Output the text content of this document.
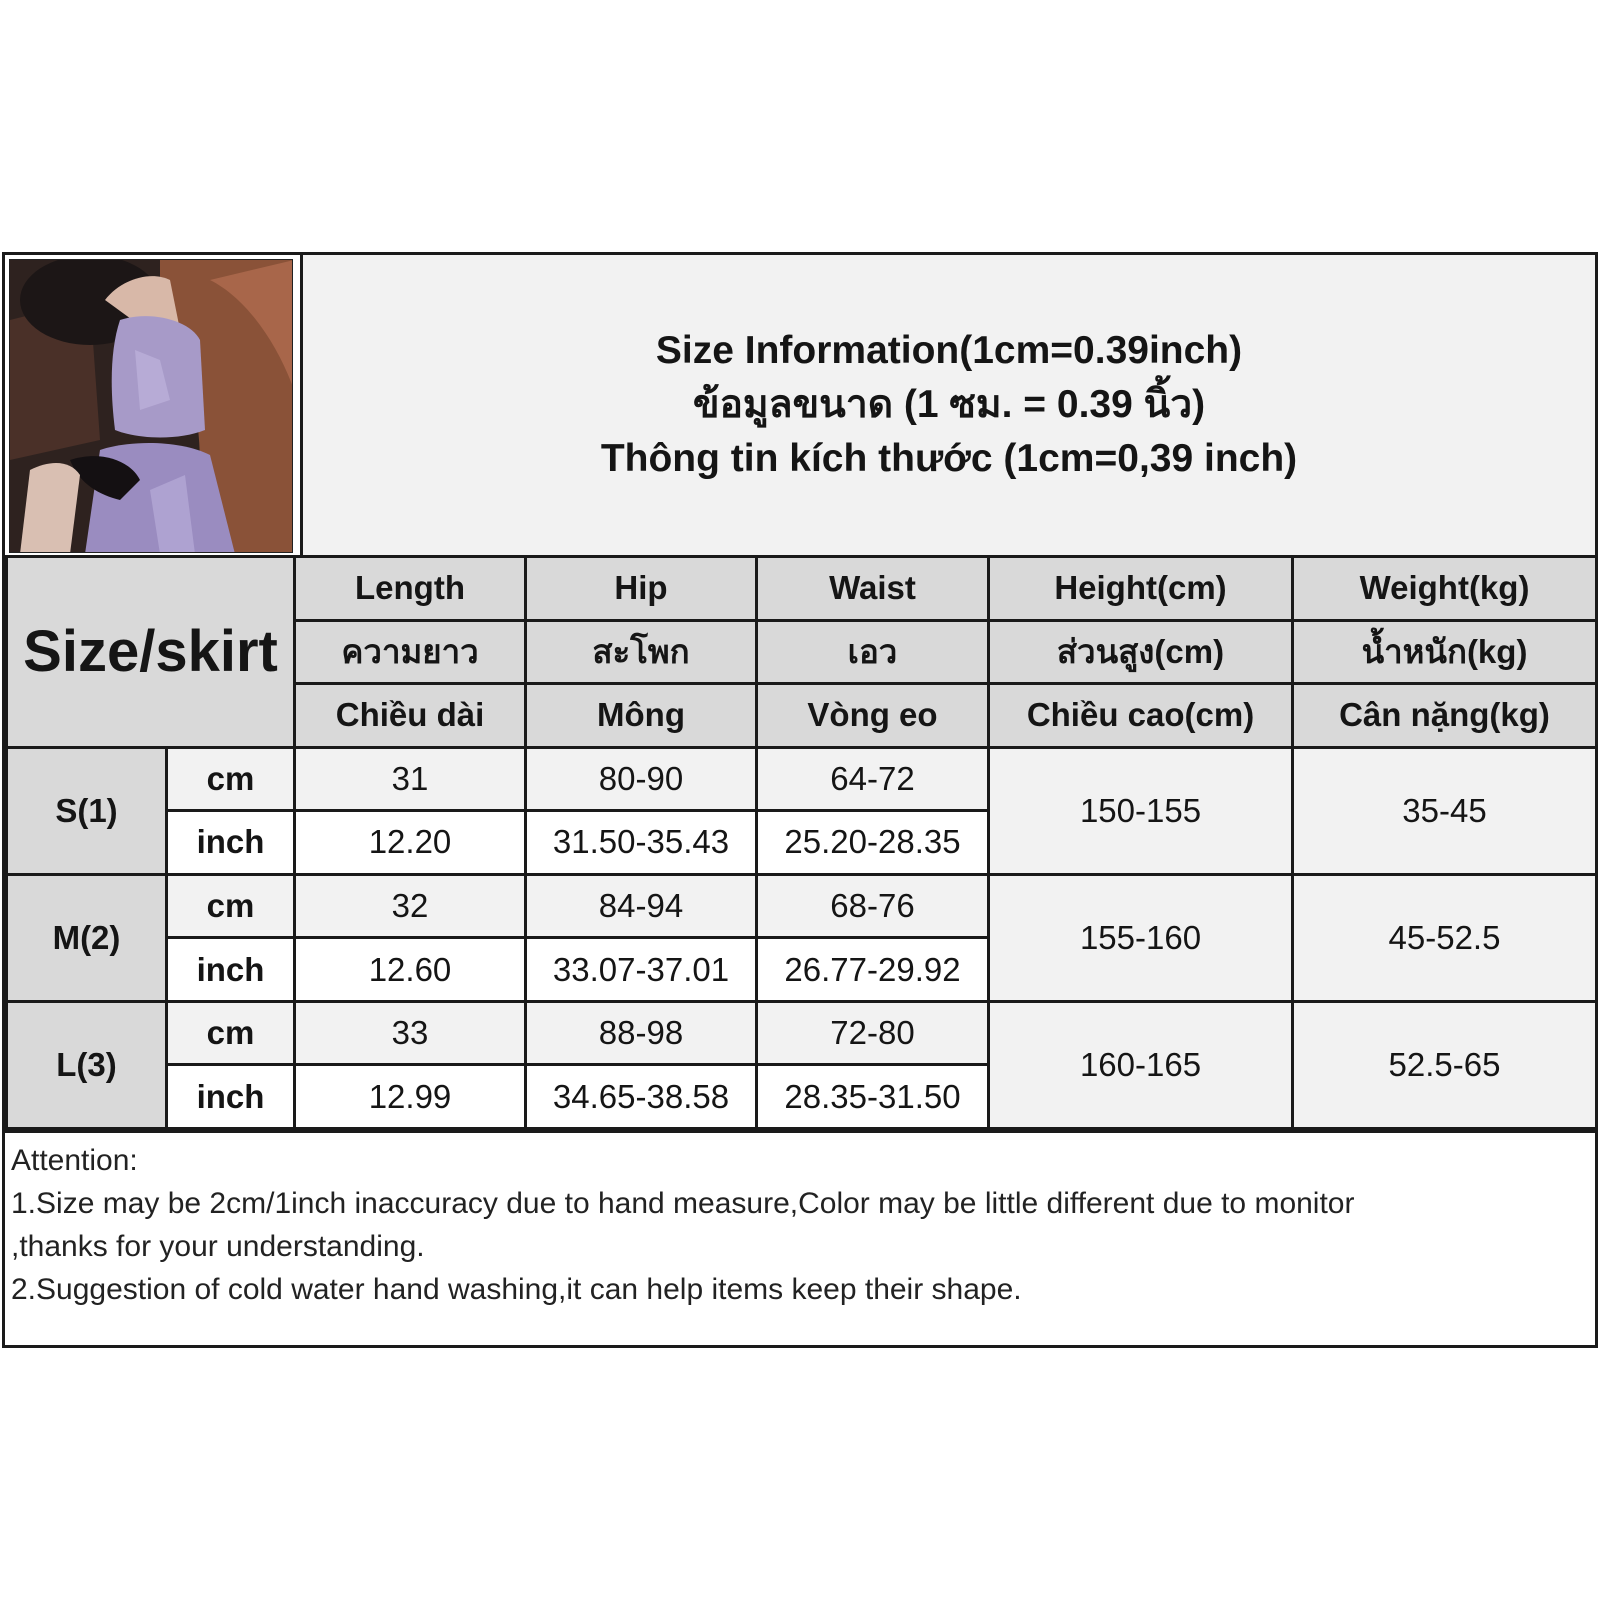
Size Information(1cm=0.39inch)
ข้อมูลขนาด (1 ซม. = 0.39 นิ้ว)
Thông tin kích thước (1cm=0,39 inch)
Size/skirt		Length	Hip	Waist	Height(cm)	Weight(kg)
		ความยาว	สะโพก	เอว	ส่วนสูง(cm)	น้ำหนัก(kg)
		Chiều dài	Mông	Vòng eo	Chiều cao(cm)	Cân nặng(kg)
S(1)	cm	31	80-90	64-72	150-155	35-45
	inch	12.20	31.50-35.43	25.20-28.35		
M(2)	cm	32	84-94	68-76	155-160	45-52.5
	inch	12.60	33.07-37.01	26.77-29.92		
L(3)	cm	33	88-98	72-80	160-165	52.5-65
	inch	12.99	34.65-38.58	28.35-31.50		
Attention:
1.Size may be 2cm/1inch inaccuracy due to hand measure,Color may be little different due to monitor
,thanks for your understanding.
2.Suggestion of cold water hand washing,it can help items keep their shape.
